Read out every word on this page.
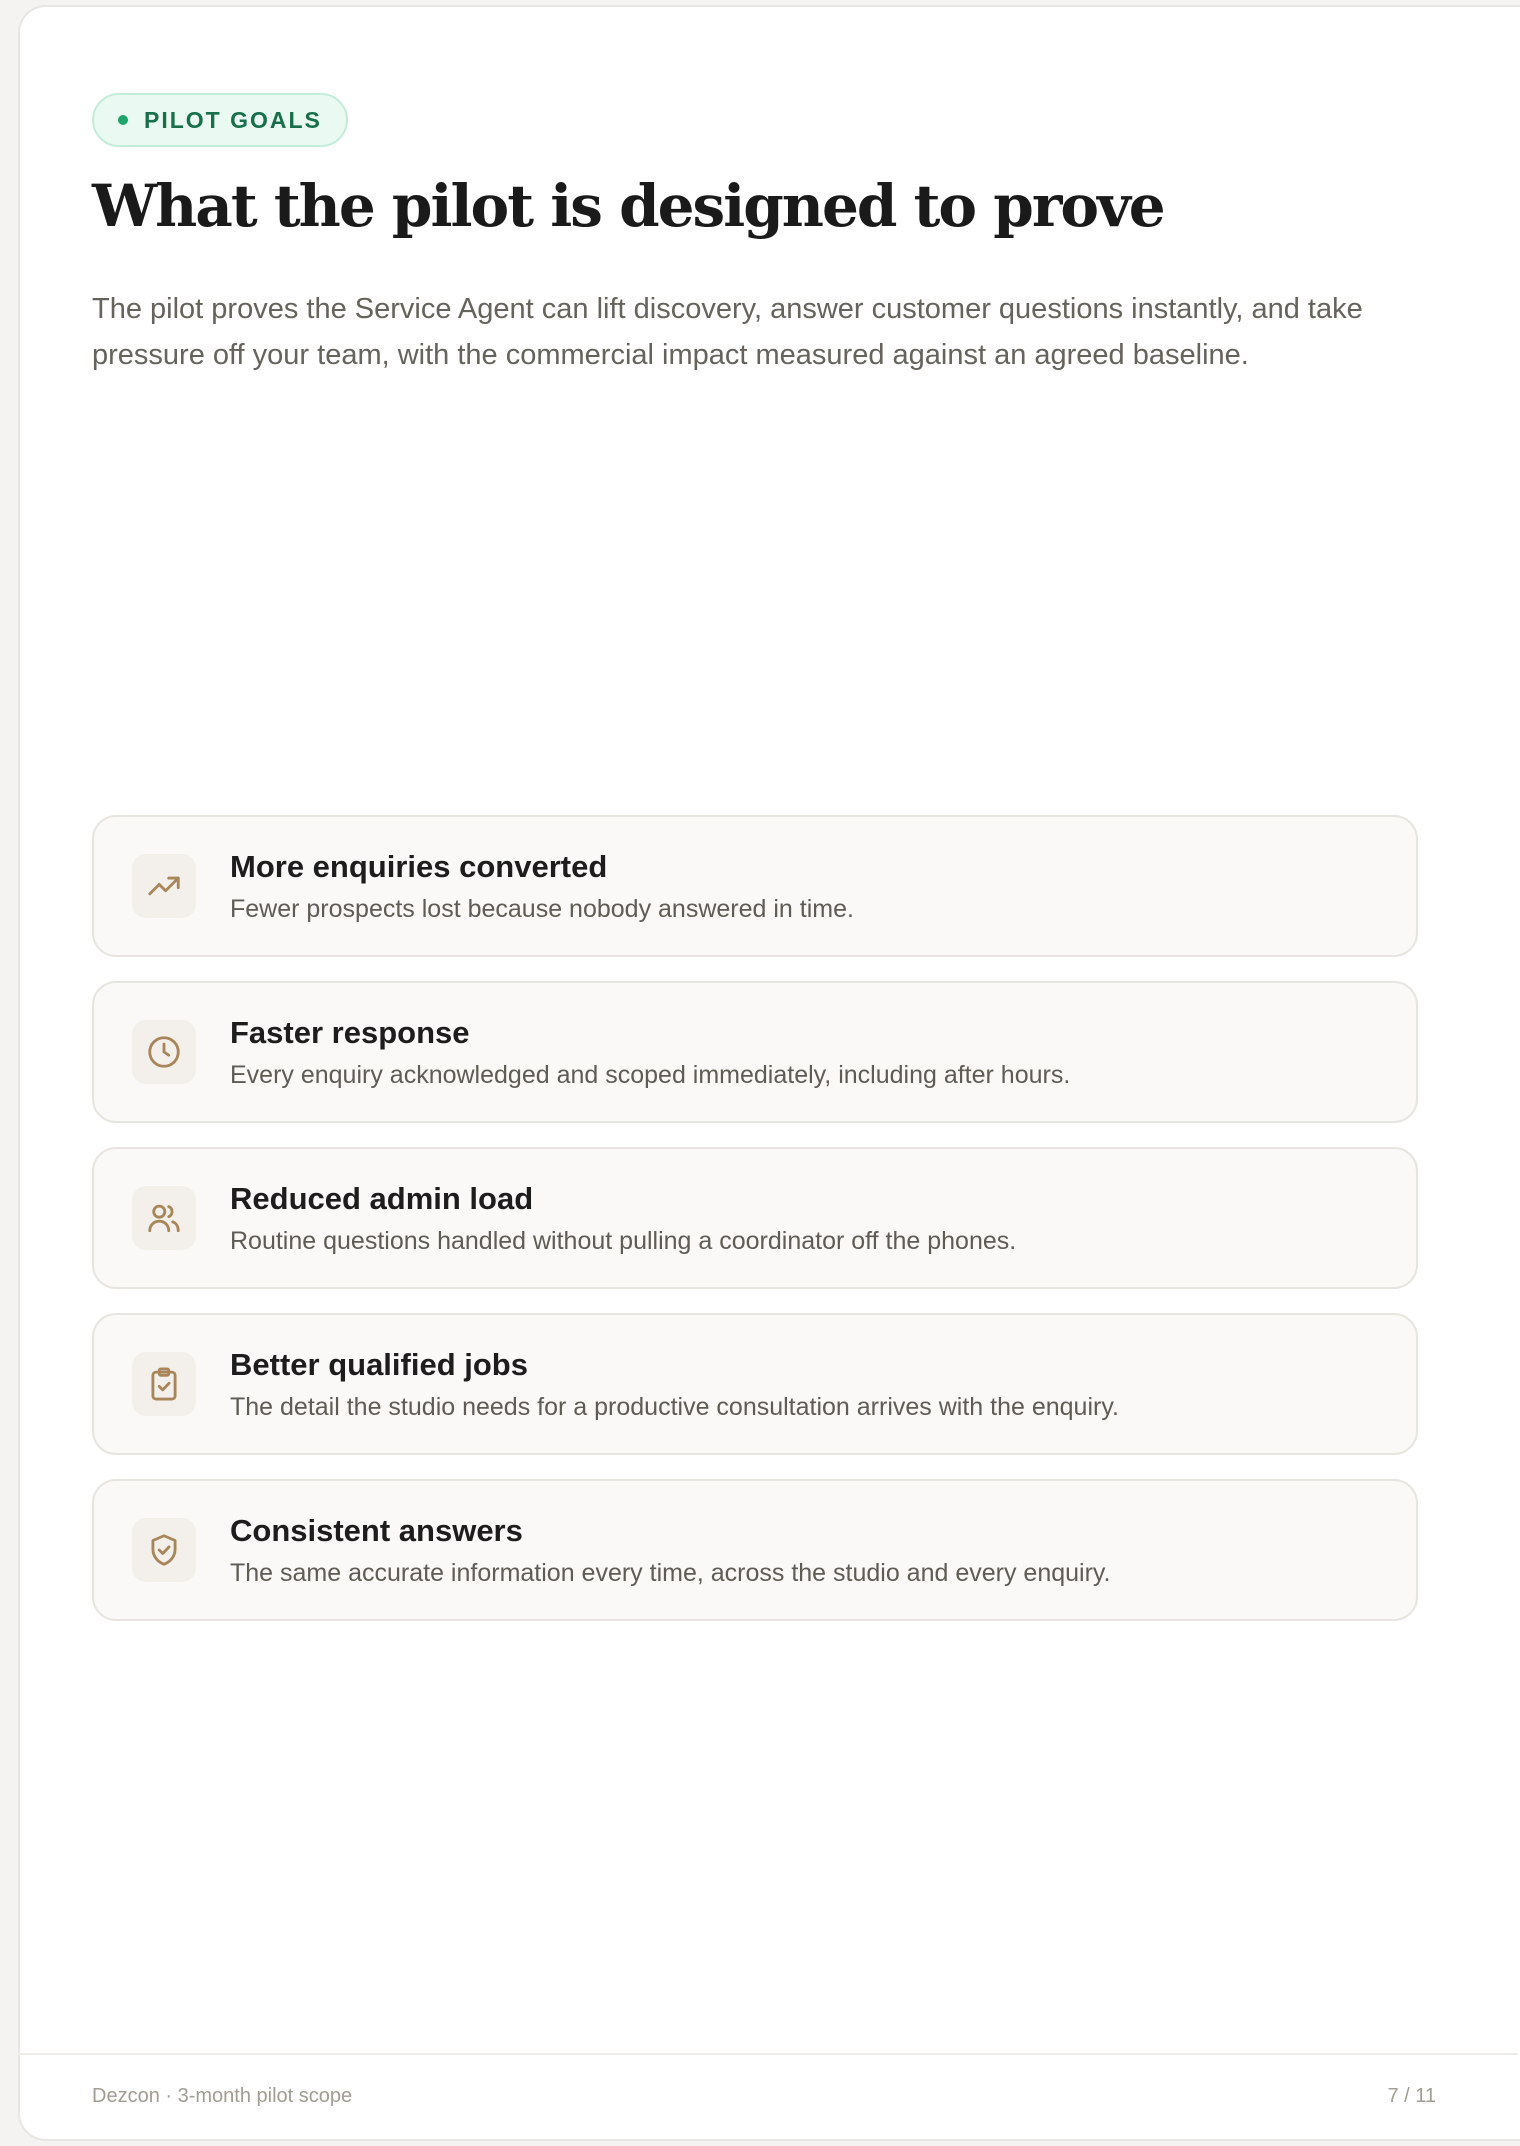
PILOT GOALS
What the pilot is designed to prove

The pilot proves the Service Agent can lift discovery, answer customer questions instantly, and take pressure off your team, with the commercial impact measured against an agreed baseline.

More enquiries converted
Fewer prospects lost because nobody answered in time.
Faster response
Every enquiry acknowledged and scoped immediately, including after hours.
Reduced admin load
Routine questions handled without pulling a coordinator off the phones.
Better qualified jobs
The detail the studio needs for a productive consultation arrives with the enquiry.
Consistent answers
The same accurate information every time, across the studio and every enquiry.
Dezcon · 3-month pilot scope	7 / 11
